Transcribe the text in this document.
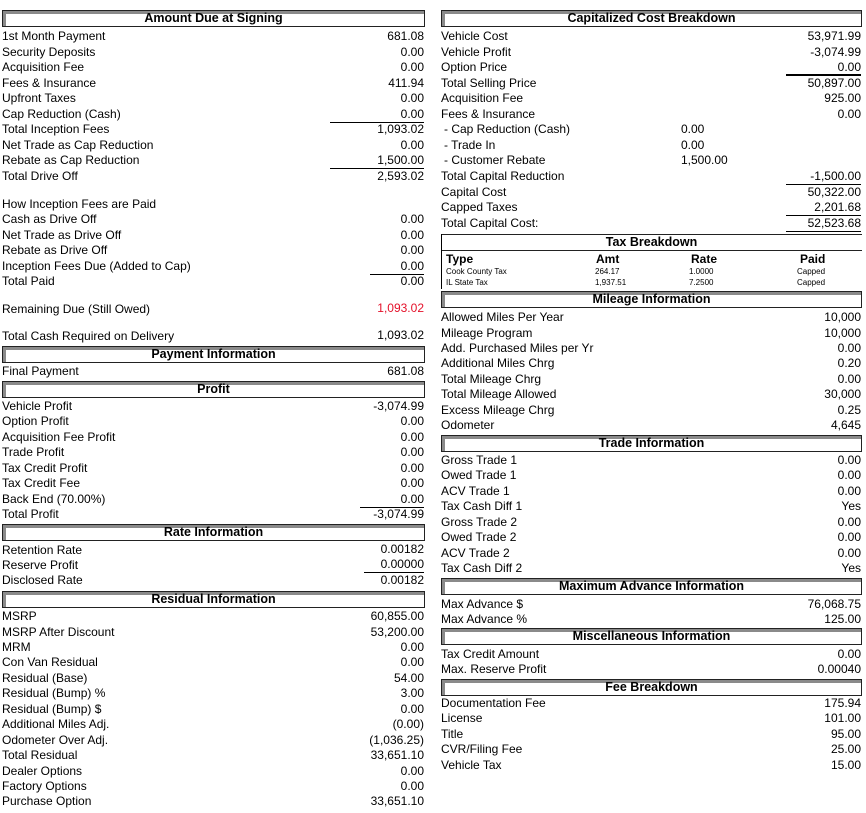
Amount Due at Signing
1st Month Payment	681.08
Security Deposits	0.00
Acquisition Fee	0.00
Fees & Insurance	411.94
Upfront Taxes	0.00
Cap Reduction (Cash)	0.00
Total Inception Fees	1,093.02
Net Trade as Cap Reduction	0.00
Rebate as Cap Reduction	1,500.00
Total Drive Off	2,593.02
How Inception Fees are Paid
Cash as Drive Off	0.00
Net Trade as Drive Off	0.00
Rebate as Drive Off	0.00
Inception Fees Due (Added to Cap)	0.00
Total Paid	0.00
Remaining Due (Still Owed)	1,093.02
Total Cash Required on Delivery	1,093.02
Payment Information
Final Payment	681.08
Profit
Vehicle Profit	-3,074.99
Option Profit	0.00
Acquisition Fee Profit	0.00
Trade Profit	0.00
Tax Credit Profit	0.00
Tax Credit Fee	0.00
Back End (70.00%)	0.00
Total Profit	-3,074.99
Rate Information
Retention Rate	0.00182
Reserve Profit	0.00000
Disclosed Rate	0.00182
Residual Information
MSRP	60,855.00
MSRP After Discount	53,200.00
MRM	0.00
Con Van Residual	0.00
Residual (Base)	54.00
Residual (Bump) %	3.00
Residual (Bump) $	0.00
Additional Miles Adj.	(0.00)
Odometer Over Adj.	(1,036.25)
Total Residual	33,651.10
Dealer Options	0.00
Factory Options	0.00
Purchase Option	33,651.10
Capitalized Cost Breakdown
Vehicle Cost	53,971.99
Vehicle Profit	-3,074.99
Option Price	0.00
Total Selling Price	50,897.00
Acquisition Fee	925.00
Fees & Insurance	0.00
- Cap Reduction (Cash)	0.00
- Trade In	0.00
- Customer Rebate	1,500.00
Total Capital Reduction	-1,500.00
Capital Cost	50,322.00
Capped Taxes	2,201.68
Total Capital Cost:	52,523.68
Tax Breakdown
Type	Amt	Rate	Paid
Cook County Tax	264.17	1.0000	Capped
IL State Tax	1,937.51	7.2500	Capped
Mileage Information
Allowed Miles Per Year	10,000
Mileage Program	10,000
Add. Purchased Miles per Yr	0.00
Additional Miles Chrg	0.20
Total Mileage Chrg	0.00
Total Mileage Allowed	30,000
Excess Mileage Chrg	0.25
Odometer	4,645
Trade Information
Gross Trade 1	0.00
Owed Trade 1	0.00
ACV Trade 1	0.00
Tax Cash Diff 1	Yes
Gross Trade 2	0.00
Owed Trade 2	0.00
ACV Trade 2	0.00
Tax Cash Diff 2	Yes
Maximum Advance Information
Max Advance $	76,068.75
Max Advance %	125.00
Miscellaneous Information
Tax Credit Amount	0.00
Max. Reserve Profit	0.00040
Fee Breakdown
Documentation Fee	175.94
License	101.00
Title	95.00
CVR/Filing Fee	25.00
Vehicle Tax	15.00
